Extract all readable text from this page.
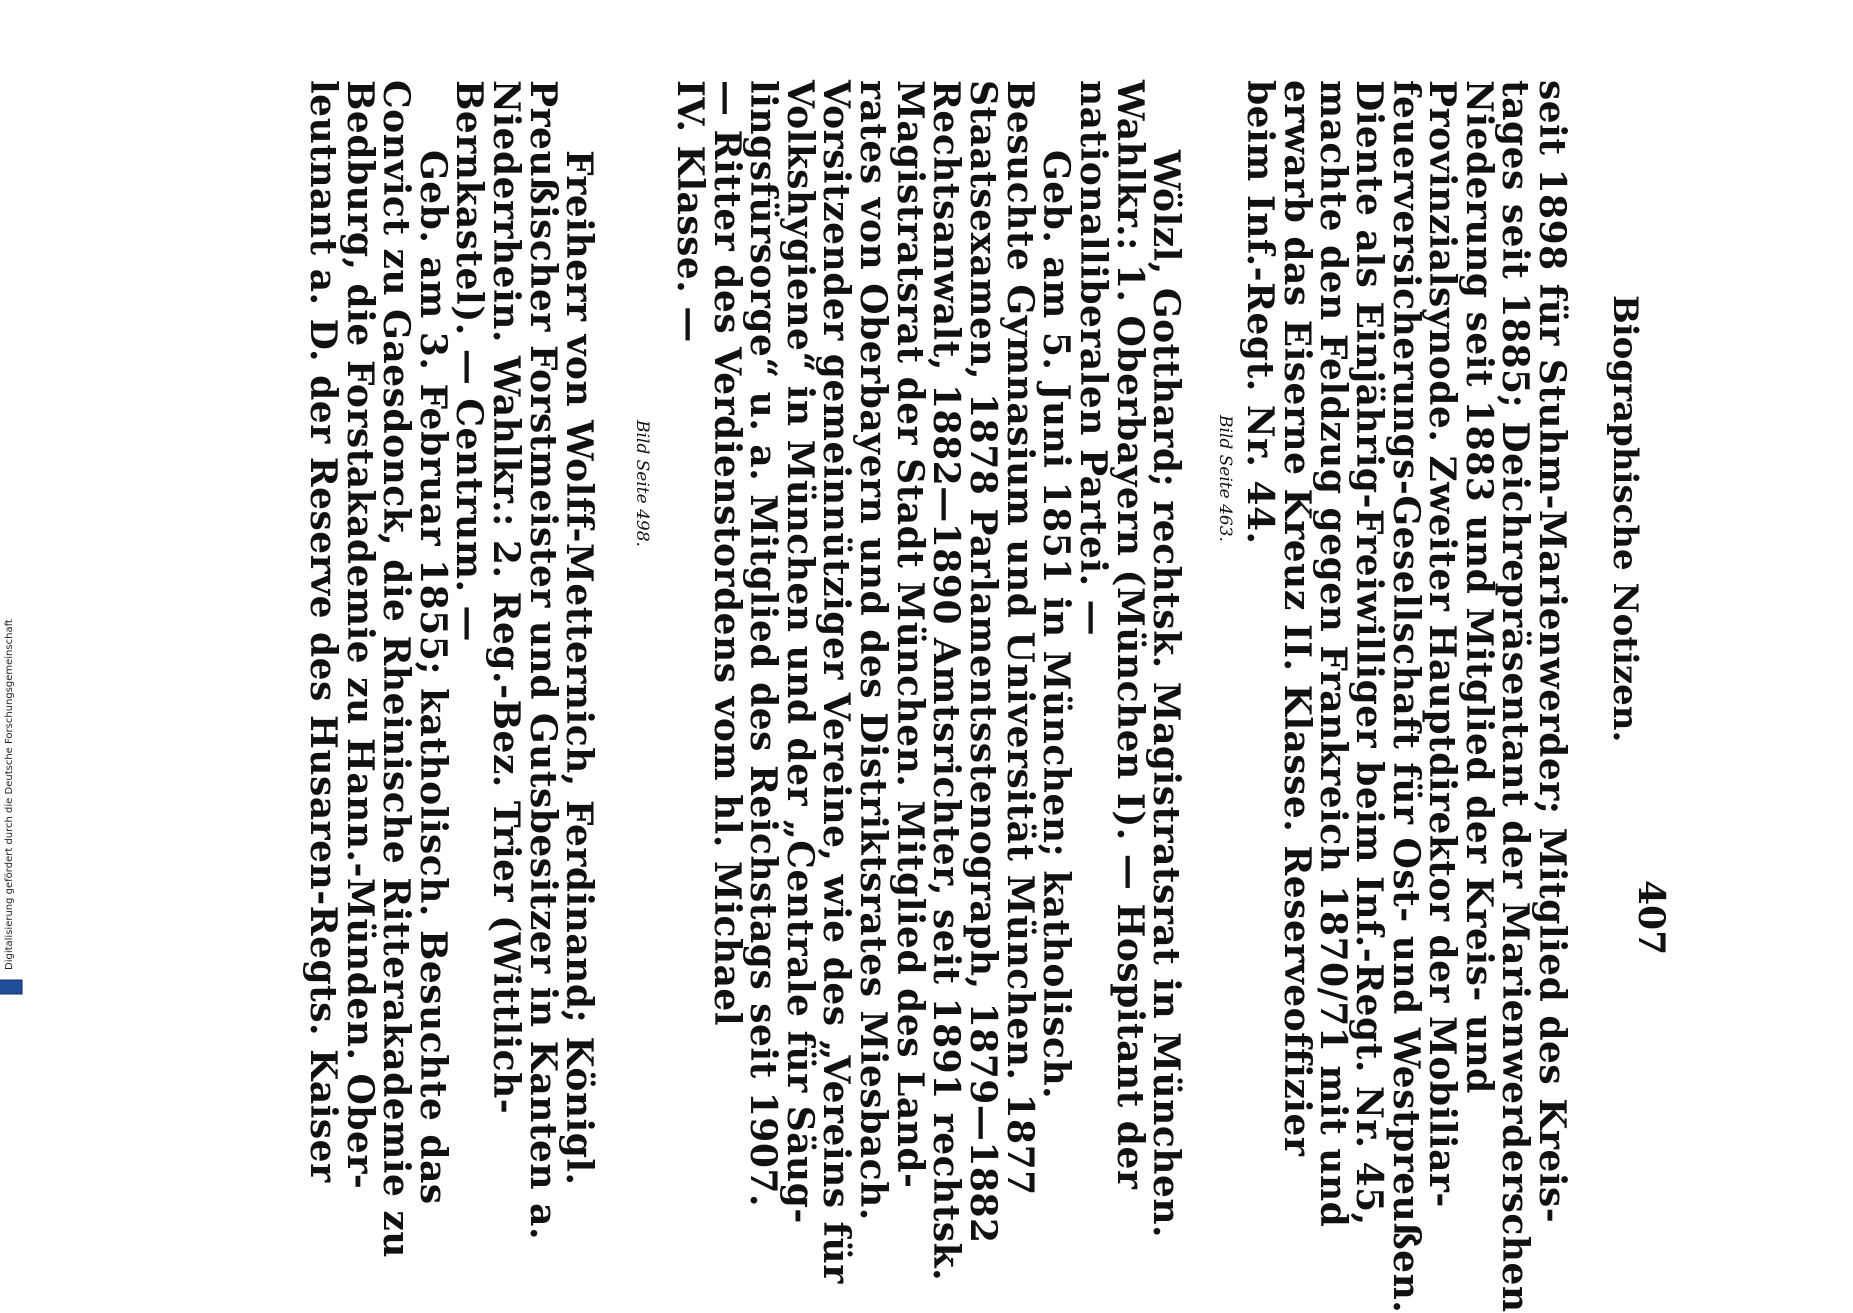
Biographische Notizen.
407
seit 1898 für Stuhm-Marienwerder; Mitglied des Kreis-
tages seit 1885; Deichrepräsentant der Marienwerderschen
Niederung seit 1883 und Mitglied der Kreis- und
Provinzialsynode. Zweiter Hauptdirektor der Mobiliar-
feuerversicherungs-Gesellschaft für Ost- und Westpreußen.
Diente als Einjährig-Freiwilliger beim Inf.-Regt. Nr. 45,
machte den Feldzug gegen Frankreich 1870/71 mit und
erwarb das Eiserne Kreuz II. Klasse. Reserveoffizier
beim Inf.-Regt. Nr. 44.
Bild Seite 463.
Wölzl, Gotthard; rechtsk. Magistratsrat in München.
Wahlkr.: 1. Oberbayern (München I). — Hospitant der
nationalliberalen Partei. —
Geb. am 5. Juni 1851 in München; katholisch.
Besuchte Gymnasium und Universität München. 1877
Staatsexamen, 1878 Parlamentsstenograph, 1879—1882
Rechtsanwalt, 1882—1890 Amtsrichter, seit 1891 rechtsk.
Magistratsrat der Stadt München. Mitglied des Land-
rates von Oberbayern und des Distriktsrates Miesbach.
Vorsitzender gemeinnütziger Vereine, wie des „Vereins für
Volkshygiene“ in München und der „Centrale für Säug-
lingsfürsorge“ u. a. Mitglied des Reichstags seit 1907.
— Ritter des Verdienstordens vom hl. Michael
IV. Klasse. —
Bild Seite 498.
Freiherr von Wolff-Metternich, Ferdinand; Königl.
Preußischer Forstmeister und Gutsbesitzer in Kanten a.
Niederrhein. Wahlkr.: 2. Reg.-Bez. Trier (Wittlich-
Bernkastel). — Centrum. —
Geb. am 3. Februar 1855; katholisch. Besuchte das
Convict zu Gaesdonck, die Rheinische Ritterakademie zu
Bedburg, die Forstakademie zu Hann.-Münden. Ober-
leutnant a. D. der Reserve des Husaren-Regts. Kaiser
Digitalisierung gefördert durch die Deutsche Forschungsgemeinschaft
